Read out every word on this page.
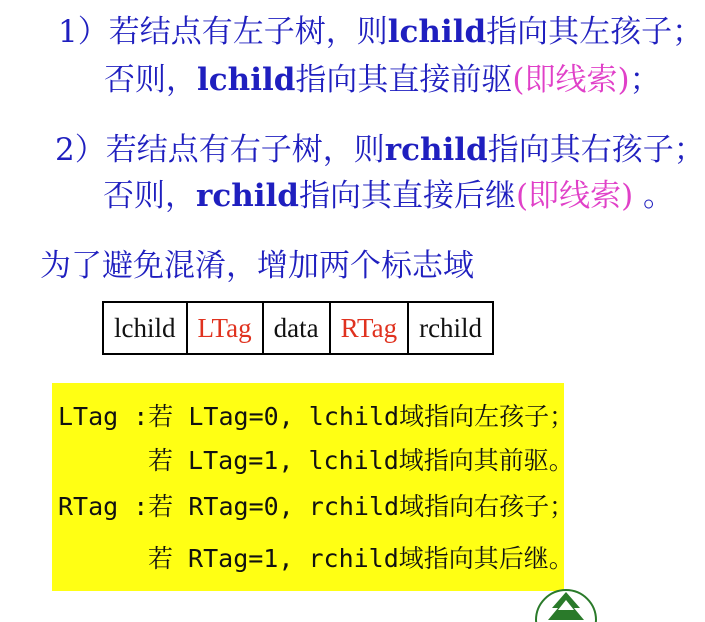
1）若结点有左子树，则lchild指向其左孩子；
否则，lchild指向其直接前驱(即线索)；
2）若结点有右子树，则rchild指向其右孩子；
否则，rchild指向其直接后继(即线索) 。
为了避免混淆，增加两个标志域
lchild	LTag	data	RTag	rchild
LTag :若 LTag=0, lchild域指向左孩子；
若 LTag=1, lchild域指向其前驱。
RTag :若 RTag=0, rchild域指向右孩子；
若 RTag=1, rchild域指向其后继。
